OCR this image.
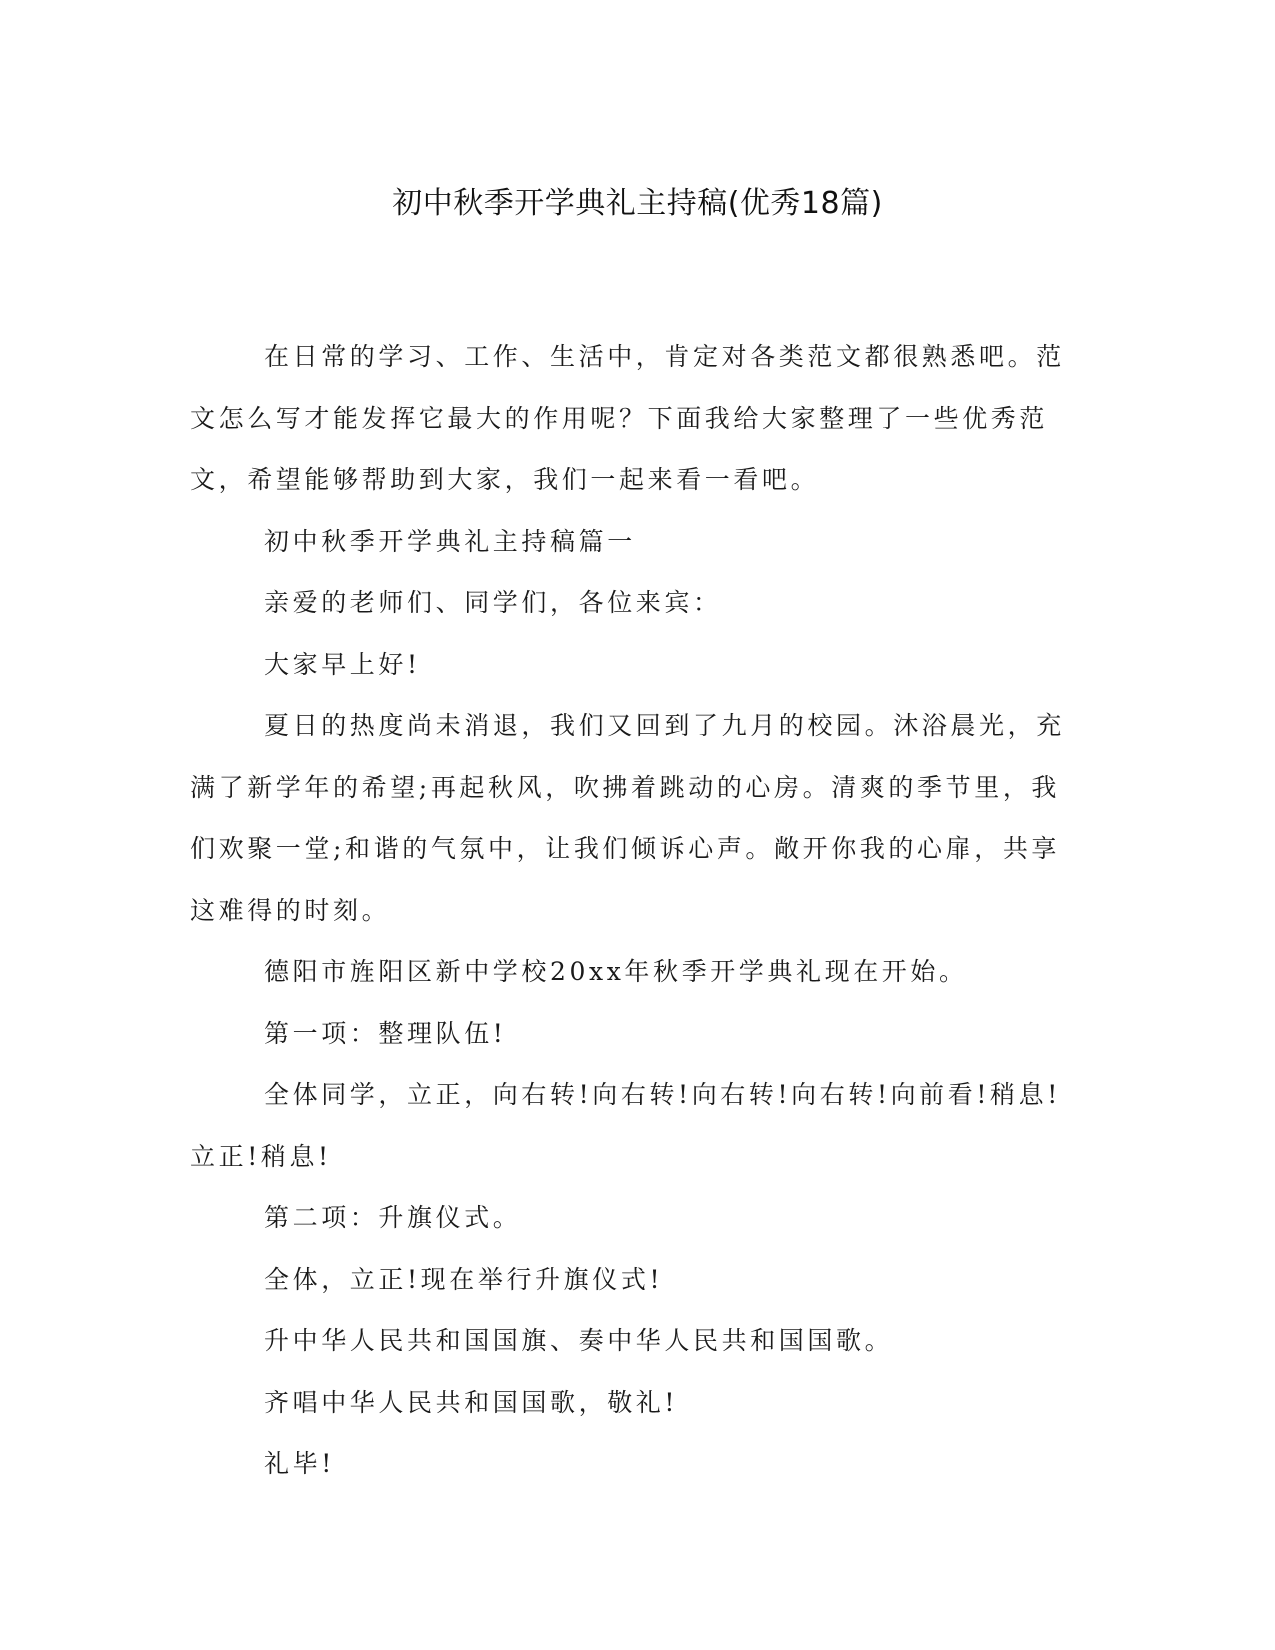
初中秋季开学典礼主持稿(优秀18篇)

在日常的学习、工作、生活中，肯定对各类范文都很熟悉吧。范文怎么写才能发挥它最大的作用呢？下面我给大家整理了一些优秀范文，希望能够帮助到大家，我们一起来看一看吧。

初中秋季开学典礼主持稿篇一

亲爱的老师们、同学们，各位来宾：

大家早上好!

夏日的热度尚未消退，我们又回到了九月的校园。沐浴晨光，充满了新学年的希望;再起秋风，吹拂着跳动的心房。清爽的季节里，我们欢聚一堂;和谐的气氛中，让我们倾诉心声。敞开你我的心扉，共享这难得的时刻。

德阳市旌阳区新中学校20xx年秋季开学典礼现在开始。

第一项：整理队伍!

全体同学，立正，向右转!向右转!向右转!向右转!向前看!稍息!立正!稍息!

第二项：升旗仪式。

全体，立正!现在举行升旗仪式!

升中华人民共和国国旗、奏中华人民共和国国歌。

齐唱中华人民共和国国歌，敬礼!

礼毕!
